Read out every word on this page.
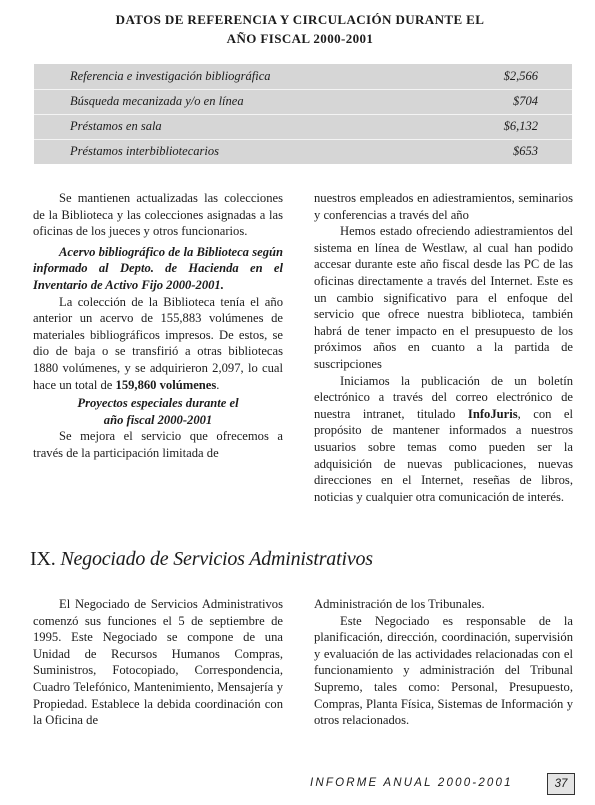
DATOS DE REFERENCIA Y CIRCULACIÓN DURANTE EL
AÑO FISCAL 2000-2001
Referencia e investigación bibliográfica	$2,566
Búsqueda mecanizada y/o en línea	$704
Préstamos en sala	$6,132
Préstamos interbibliotecarios	$653

Se mantienen actualizadas las colecciones de la Biblioteca y las colecciones asignadas a las oficinas de los jueces y otros funcionarios.

Acervo bibliográfico de la Biblioteca según informado al Depto. de Hacienda en el Inventario de Activo Fijo 2000-2001.

La colección de la Biblioteca tenía el año anterior un acervo de 155,883 volúmenes de materiales bibliográficos impresos. De estos, se dio de baja o se transfirió a otras bibliotecas 1880 volúmenes, y se adquirieron 2,097, lo cual hace un total de 159,860 volúmenes.

Proyectos especiales durante el
año fiscal 2000-2001

Se mejora el servicio que ofrecemos a través de la participación limitada de

nuestros empleados en adiestramientos, seminarios y conferencias a través del año

Hemos estado ofreciendo adiestramientos del sistema en línea de Westlaw, al cual han podido accesar durante este año fiscal desde las PC de las oficinas directamente a través del Internet. Este es un cambio significativo para el enfoque del servicio que ofrece nuestra biblioteca, también habrá de tener impacto en el presupuesto de los próximos años en cuanto a la partida de suscripciones

Iniciamos la publicación de un boletín electrónico a través del correo electrónico de nuestra intranet, titulado InfoJuris, con el propósito de mantener informados a nuestros usuarios sobre temas como pueden ser la adquisición de nuevas publicaciones, nuevas direcciones en el Internet, reseñas de libros, noticias y cualquier otra comunicación de interés.

IX. Negociado de Servicios Administrativos

El Negociado de Servicios Administrativos comenzó sus funciones el 5 de septiembre de 1995. Este Negociado se compone de una Unidad de Recursos Humanos Compras, Suministros, Fotocopiado, Correspondencia, Cuadro Telefónico, Mantenimiento, Mensajería y Propiedad. Establece la debida coordinación con la Oficina de

Administración de los Tribunales.

Este Negociado es responsable de la planificación, dirección, coordinación, supervisión y evaluación de las actividades relacionadas con el funcionamiento y administración del Tribunal Supremo, tales como: Personal, Presupuesto, Compras, Planta Física, Sistemas de Información y otros relacionados.

INFORME ANUAL 2000-2001	37
